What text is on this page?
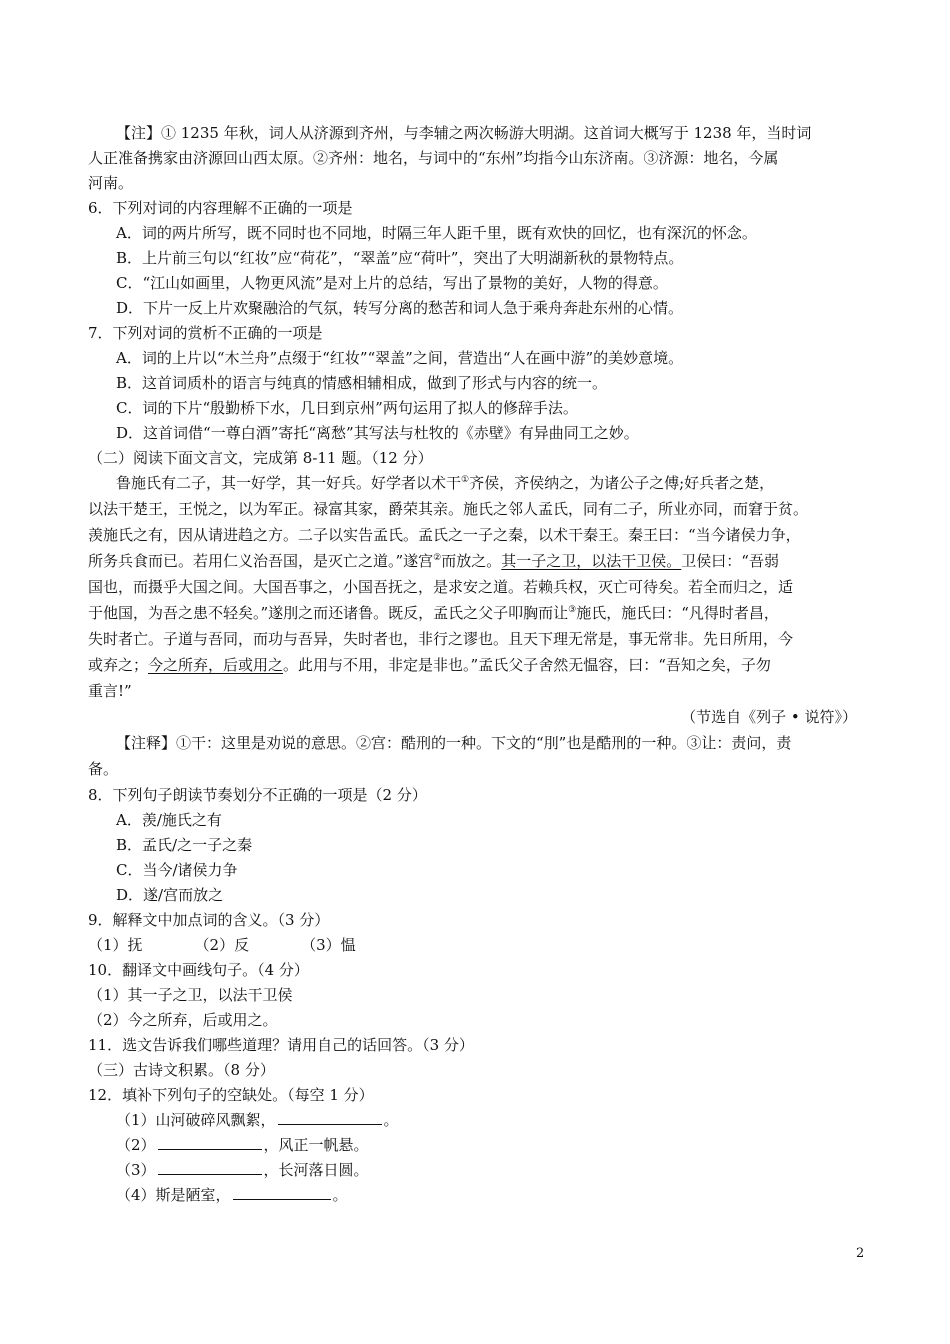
【注】① 1235 年秋，词人从济源到齐州，与李辅之两次畅游大明湖。这首词大概写于 1238 年，当时词
人正准备携家由济源回山西太原。②齐州：地名，与词中的“东州”均指今山东济南。③济源：地名，今属
河南。
6．下列对词的内容理解不正确的一项是
A．词的两片所写，既不同时也不同地，时隔三年人距千里，既有欢快的回忆，也有深沉的怀念。
B．上片前三句以“红妆”应“荷花”，“翠盖”应“荷叶”，突出了大明湖新秋的景物特点。
C．“江山如画里，人物更风流”是对上片的总结，写出了景物的美好，人物的得意。
D．下片一反上片欢聚融洽的气氛，转写分离的愁苦和词人急于乘舟奔赴东州的心情。
7．下列对词的赏析不正确的一项是
A．词的上片以“木兰舟”点缀于“红妆”“翠盖”之间，营造出“人在画中游”的美妙意境。
B．这首词质朴的语言与纯真的情感相辅相成，做到了形式与内容的统一。
C．词的下片“殷勤桥下水，几日到京州”两句运用了拟人的修辞手法。
D．这首词借“一尊白酒”寄托“离愁”其写法与杜牧的《赤壁》有异曲同工之妙。
（二）阅读下面文言文，完成第 8-11 题。（12 分）
鲁施氏有二子，其一好学，其一好兵。好学者以术干①齐侯，齐侯纳之，为诸公子之傅;好兵者之楚，
以法干楚王，王悦之，以为军正。禄富其家，爵荣其亲。施氏之邻人孟氏，同有二子，所业亦同，而窘于贫。
羡施氏之有，因从请进趋之方。二子以实告孟氏。孟氏之一子之秦，以术干秦王。秦王曰：“当今诸侯力争，
所务兵食而已。若用仁义治吾国，是灭亡之道。”遂宫②而放之。其一子之卫，以法干卫侯。卫侯曰：“吾弱
国也，而摄乎大国之间。大国吾事之，小国吾抚之，是求安之道。若赖兵权，灭亡可待矣。若全而归之，适
于他国，为吾之患不轻矣。”遂刖之而还诸鲁。既反，孟氏之父子叩胸而让③施氏，施氏曰：“凡得时者昌，
失时者亡。子道与吾同，而功与吾异，失时者也，非行之谬也。且天下理无常是，事无常非。先日所用，今
或弃之；今之所弃，后或用之。此用与不用，非定是非也。”孟氏父子舍然无愠容，曰：“吾知之矣，子勿
重言!”
（节选自《列子 • 说符》）
【注释】①干：这里是劝说的意思。②宫：酷刑的一种。下文的“刖”也是酷刑的一种。③让：责问，责
备。
8．下列句子朗读节奏划分不正确的一项是（2 分）
A．羡/施氏之有
B．孟氏/之一子之秦
C．当今/诸侯力争
D．遂/宫而放之
9．解释文中加点词的含义。（3 分）
（1）抚	（2）反	（3）愠
10．翻译文中画线句子。（4 分）
（1）其一子之卫，以法干卫侯
（2）今之所弃，后或用之。
11．选文告诉我们哪些道理？请用自己的话回答。（3 分）
（三）古诗文积累。（8 分）
12．填补下列句子的空缺处。（每空 1 分）
（1）山河破碎风飘絮，	。
（2）	，风正一帆悬。
（3）	，长河落日圆。
（4）斯是陋室，	。
2
